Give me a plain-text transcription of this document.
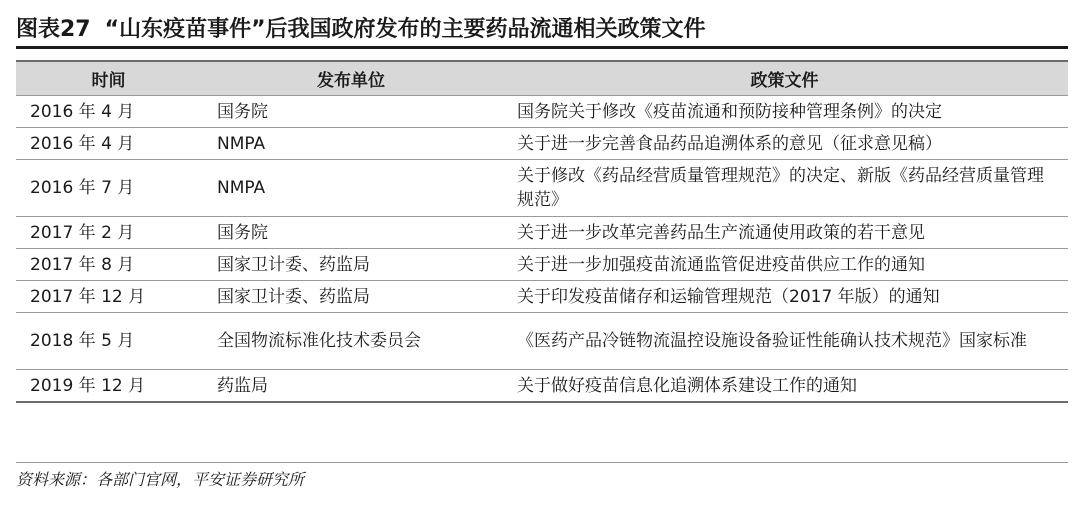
图表27 “山东疫苗事件”后我国政府发布的主要药品流通相关政策文件
时间	发布单位	政策文件
2016 年 4 月	国务院	国务院关于修改《疫苗流通和预防接种管理条例》的决定
2016 年 4 月	NMPA	关于进一步完善食品药品追溯体系的意见（征求意见稿）
2016 年 7 月	NMPA	关于修改《药品经营质量管理规范》的决定、新版《药品经营质量管理规范》
2017 年 2 月	国务院	关于进一步改革完善药品生产流通使用政策的若干意见
2017 年 8 月	国家卫计委、药监局	关于进一步加强疫苗流通监管促进疫苗供应工作的通知
2017 年 12 月	国家卫计委、药监局	关于印发疫苗储存和运输管理规范（2017 年版）的通知
2018 年 5 月	全国物流标准化技术委员会	《医药产品冷链物流温控设施设备验证性能确认技术规范》国家标准
2019 年 12 月	药监局	关于做好疫苗信息化追溯体系建设工作的通知
资料来源：各部门官网，平安证券研究所
